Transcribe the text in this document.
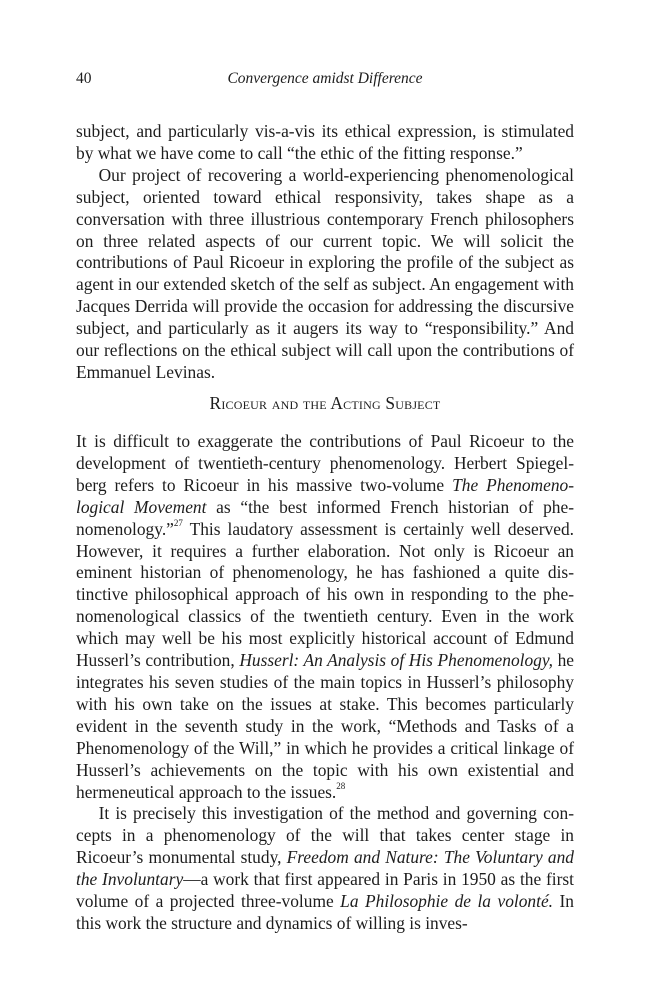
40	Convergence amidst Difference

subject, and particularly vis-a-vis its ethical expression, is stimulated by what we have come to call “the ethic of the fitting response.”

Our project of recovering a world-experiencing phenomenological subject, oriented toward ethical responsivity, takes shape as a conversation with three illustrious contemporary French philosophers on three related aspects of our current topic. We will solicit the contributions of Paul Ricoeur in exploring the profile of the subject as agent in our extended sketch of the self as subject. An engagement with Jacques Derrida will provide the occasion for addressing the discursive subject, and particularly as it augers its way to “responsibility.” And our reflections on the ethical subject will call upon the contributions of Emmanuel Levinas.

Ricoeur and the Acting Subject

It is difficult to exaggerate the contributions of Paul Ricoeur to the development of twentieth-century phenomenology. Herbert Spiegelberg refers to Ricoeur in his massive two-volume The Phenomenological Movement as “the best informed French historian of phenomenology.”$^{27}$ This laudatory assessment is certainly well deserved. However, it requires a further elaboration. Not only is Ricoeur an eminent historian of phenomenology, he has fashioned a quite distinctive philosophical approach of his own in responding to the phenomenological classics of the twentieth century. Even in the work which may well be his most explicitly historical account of Edmund Husserl’s contribution, Husserl: An Analysis of His Phenomenology, he integrates his seven studies of the main topics in Husserl’s philosophy with his own take on the issues at stake. This becomes particularly evident in the seventh study in the work, “Methods and Tasks of a Phenomenology of the Will,” in which he provides a critical linkage of Husserl’s achievements on the topic with his own existential and hermeneutical approach to the issues.$^{28}$

It is precisely this investigation of the method and governing concepts in a phenomenology of the will that takes center stage in Ricoeur’s monumental study, Freedom and Nature: The Voluntary and the Involuntary—a work that first appeared in Paris in 1950 as the first volume of a projected three-volume La Philosophie de la volonté. In this work the structure and dynamics of willing is inves-
